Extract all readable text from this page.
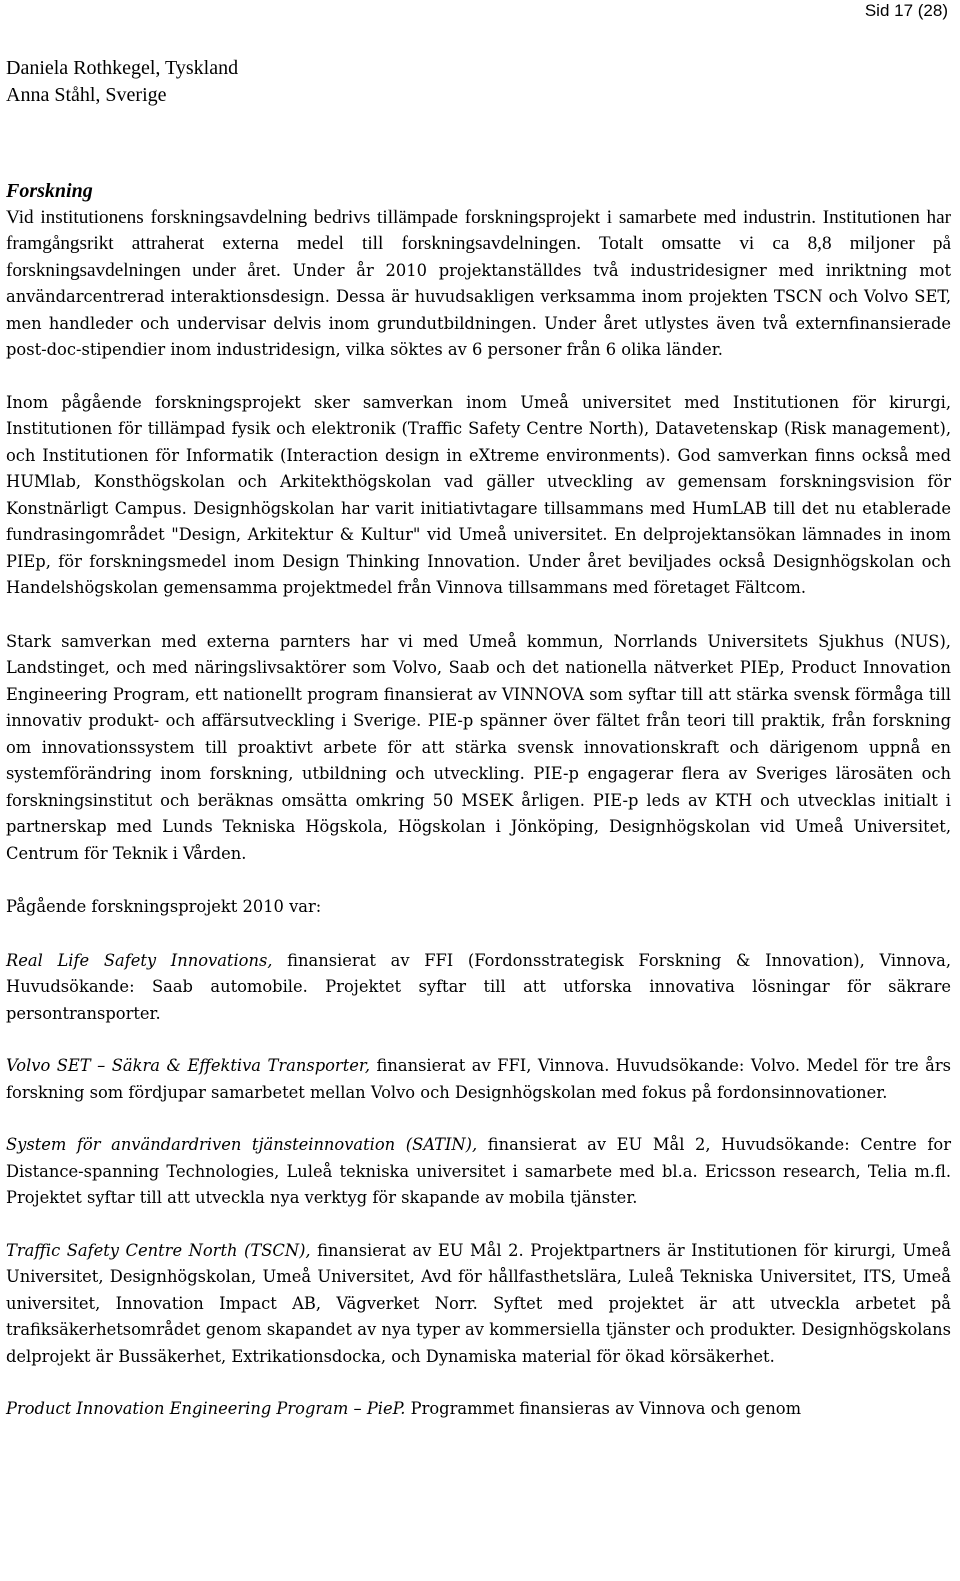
Sid 17 (28)

Daniela Rothkegel, Tyskland

Anna Ståhl, Sverige

Forskning

Vid institutionens forskningsavdelning bedrivs tillämpade forskningsprojekt i samarbete med industrin. Institutionen har framgångsrikt attraherat externa medel till forskningsavdelningen. Totalt omsatte vi ca 8,8 miljoner på forskningsavdelningen under året. Under år 2010 projektanställdes två industridesigner med inriktning mot användarcentrerad interaktionsdesign. Dessa är huvudsakligen verksamma inom projekten TSCN och Volvo SET, men handleder och undervisar delvis inom grundutbildningen. Under året utlystes även två externfinansierade post-doc-stipendier inom industridesign, vilka söktes av 6 personer från 6 olika länder.

Inom pågående forskningsprojekt sker samverkan inom Umeå universitet med Institutionen för kirurgi, Institutionen för tillämpad fysik och elektronik (Traffic Safety Centre North), Datavetenskap (Risk management), och Institutionen för Informatik (Interaction design in eXtreme environments). God samverkan finns också med HUMlab, Konsthögskolan och Arkitekthögskolan vad gäller utveckling av gemensam forskningsvision för Konstnärligt Campus. Designhögskolan har varit initiativtagare tillsammans med HumLAB till det nu etablerade fundrasingområdet "Design, Arkitektur & Kultur" vid Umeå universitet. En delprojektansökan lämnades in inom PIEp, för forskningsmedel inom Design Thinking Innovation. Under året beviljades också Designhögskolan och Handelshögskolan gemensamma projektmedel från Vinnova tillsammans med företaget Fältcom.

Stark samverkan med externa parnters har vi med Umeå kommun, Norrlands Universitets Sjukhus (NUS), Landstinget, och med näringslivsaktörer som Volvo, Saab och det nationella nätverket PIEp, Product Innovation Engineering Program, ett nationellt program finansierat av VINNOVA som syftar till att stärka svensk förmåga till innovativ produkt- och affärsutveckling i Sverige. PIE-p spänner över fältet från teori till praktik, från forskning om innovationssystem till proaktivt arbete för att stärka svensk innovationskraft och därigenom uppnå en systemförändring inom forskning, utbildning och utveckling. PIE-p engagerar flera av Sveriges lärosäten och forskningsinstitut och beräknas omsätta omkring 50 MSEK årligen. PIE-p leds av KTH och utvecklas initialt i partnerskap med Lunds Tekniska Högskola, Högskolan i Jönköping, Designhögskolan vid Umeå Universitet, Centrum för Teknik i Vården.

Pågående forskningsprojekt 2010 var:

Real Life Safety Innovations, finansierat av FFI (Fordonsstrategisk Forskning & Innovation), Vinnova, Huvudsökande: Saab automobile. Projektet syftar till att utforska innovativa lösningar för säkrare persontransporter.

Volvo SET – Säkra & Effektiva Transporter, finansierat av FFI, Vinnova. Huvudsökande: Volvo. Medel för tre års forskning som fördjupar samarbetet mellan Volvo och Designhögskolan med fokus på fordonsinnovationer.

System för användardriven tjänsteinnovation (SATIN), finansierat av EU Mål 2, Huvudsökande: Centre for Distance-spanning Technologies, Luleå tekniska universitet i samarbete med bl.a. Ericsson research, Telia m.fl. Projektet syftar till att utveckla nya verktyg för skapande av mobila tjänster.

Traffic Safety Centre North (TSCN), finansierat av EU Mål 2. Projektpartners är Institutionen för kirurgi, Umeå Universitet, Designhögskolan, Umeå Universitet, Avd för hållfasthetslära, Luleå Tekniska Universitet, ITS, Umeå universitet, Innovation Impact AB, Vägverket Norr. Syftet med projektet är att utveckla arbetet på trafiksäkerhetsområdet genom skapandet av nya typer av kommersiella tjänster och produkter. Designhögskolans delprojekt är Bussäkerhet, Extrikationsdocka, och Dynamiska material för ökad körsäkerhet.

Product Innovation Engineering Program – PieP. Programmet finansieras av Vinnova och genom
